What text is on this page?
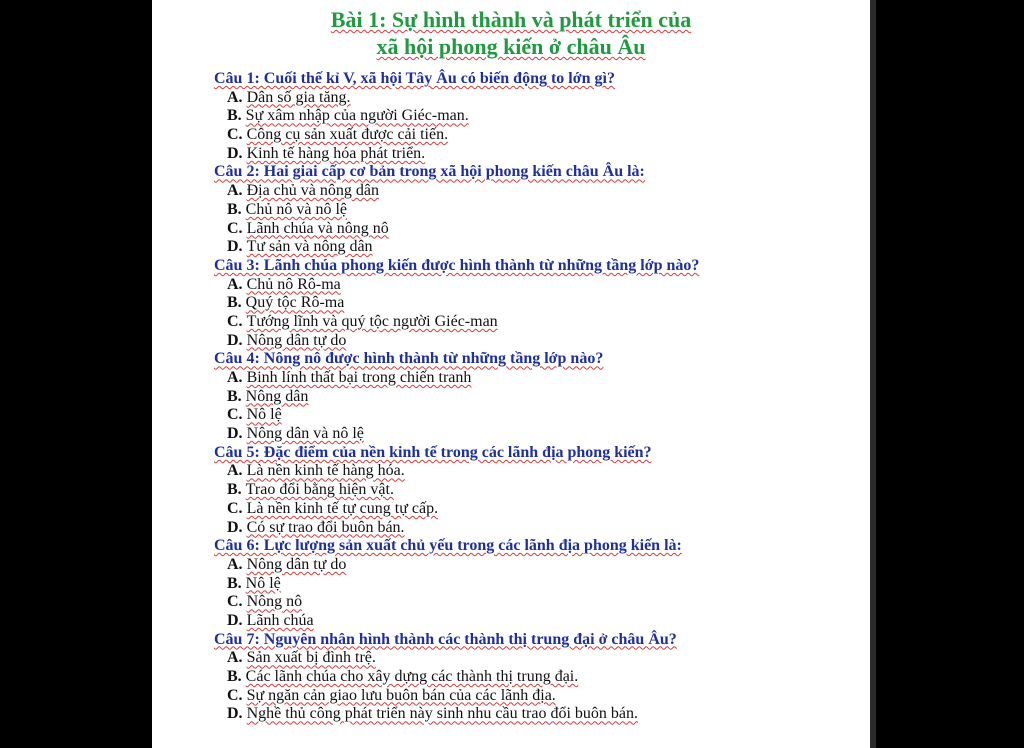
Bài 1: Sự hình thành và phát triển của
xã hội phong kiến ở châu Âu
Câu 1: Cuối thế kỉ V, xã hội Tây Âu có biến động to lớn gì?
A. Dân số gia tăng.
B. Sự xâm nhập của người Giéc-man.
C. Công cụ sản xuất được cải tiến.
D. Kinh tế hàng hóa phát triển.
Câu 2: Hai giai cấp cơ bản trong xã hội phong kiến châu Âu là:
A. Địa chủ và nông dân
B. Chủ nô và nô lệ
C. Lãnh chúa và nông nô
D. Tư sản và nông dân
Câu 3: Lãnh chúa phong kiến được hình thành từ những tầng lớp nào?
A. Chủ nô Rô-ma
B. Quý tộc Rô-ma
C. Tướng lĩnh và quý tộc người Giéc-man
D. Nông dân tự do
Câu 4: Nông nô được hình thành từ những tầng lớp nào?
A. Binh lính thất bại trong chiến tranh
B. Nông dân
C. Nô lệ
D. Nông dân và nô lệ
Câu 5: Đặc điểm của nền kinh tế trong các lãnh địa phong kiến?
A. Là nền kinh tế hàng hóa.
B. Trao đổi bằng hiện vật.
C. Là nền kinh tế tự cung tự cấp.
D. Có sự trao đổi buôn bán.
Câu 6: Lực lượng sản xuất chủ yếu trong các lãnh địa phong kiến là:
A. Nông dân tự do
B. Nô lệ
C. Nông nô
D. Lãnh chúa
Câu 7: Nguyên nhân hình thành các thành thị trung đại ở châu Âu?
A. Sản xuất bị đình trệ.
B. Các lãnh chúa cho xây dựng các thành thị trung đại.
C. Sự ngăn cản giao lưu buôn bán của các lãnh địa.
D. Nghề thủ công phát triển này sinh nhu cầu trao đổi buôn bán.
